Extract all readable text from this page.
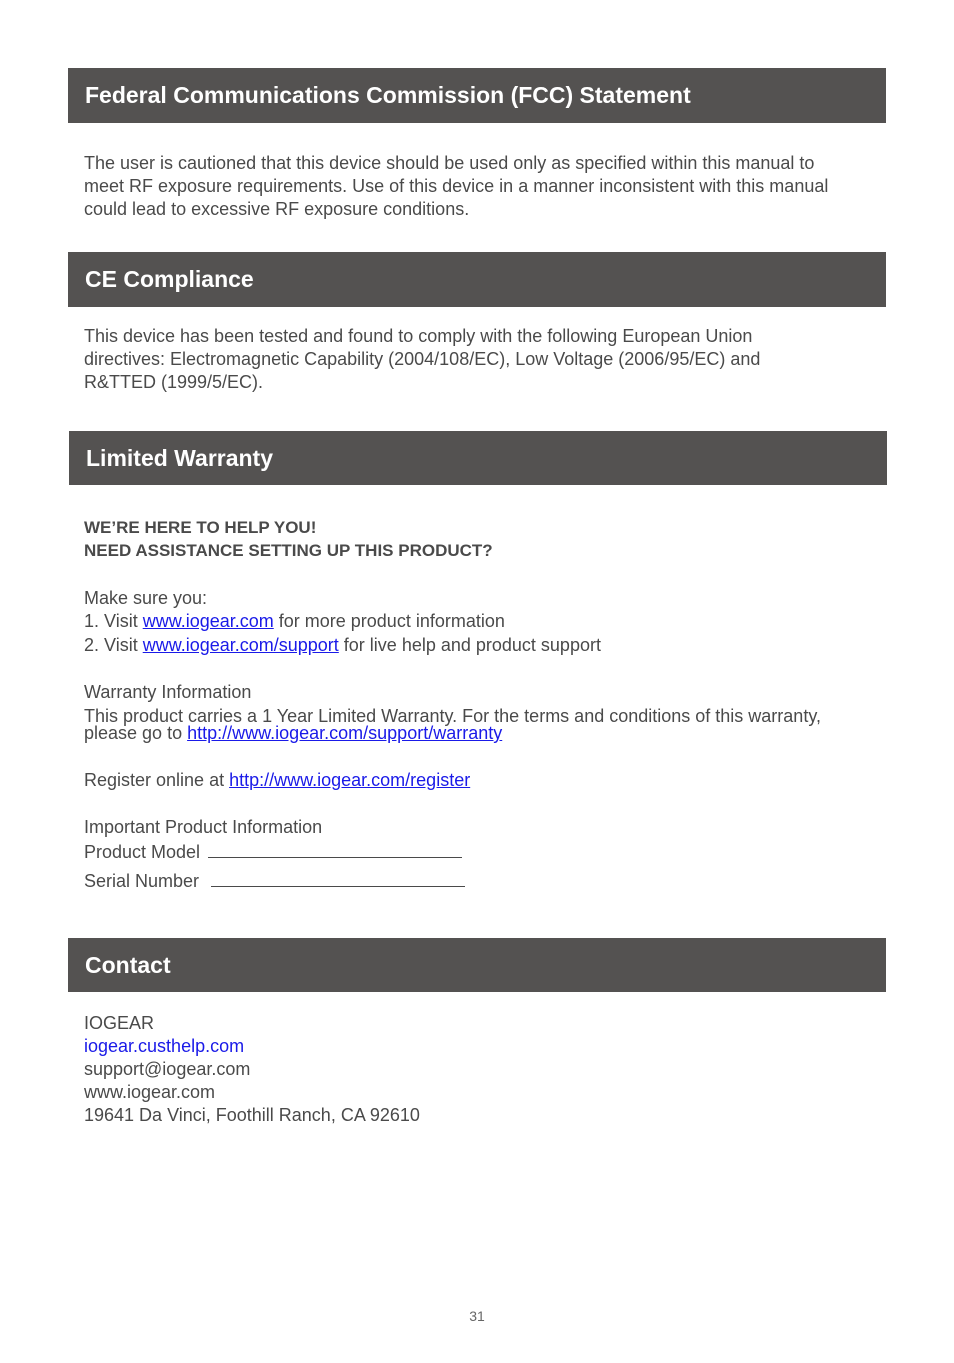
Federal Communications Commission (FCC) Statement
The user is cautioned that this device should be used only as specified within this manual to
meet RF exposure requirements. Use of this device in a manner inconsistent with this manual
could lead to excessive RF exposure conditions.
CE Compliance
This device has been tested and found to comply with the following European Union
directives: Electromagnetic Capability (2004/108/EC), Low Voltage (2006/95/EC) and
R&TTED (1999/5/EC).
Limited Warranty
WE’RE HERE TO HELP YOU!
NEED ASSISTANCE SETTING UP THIS PRODUCT?
Make sure you:
1. Visit www.iogear.com for more product information
2. Visit www.iogear.com/support for live help and product support
Warranty Information
This product carries a 1 Year Limited Warranty. For the terms and conditions of this warranty,
please go to http://www.iogear.com/support/warranty
Register online at http://www.iogear.com/register
Important Product Information
Product Model
Serial Number
Contact
IOGEAR
iogear.custhelp.com
support@iogear.com
www.iogear.com
19641 Da Vinci, Foothill Ranch, CA 92610
31
